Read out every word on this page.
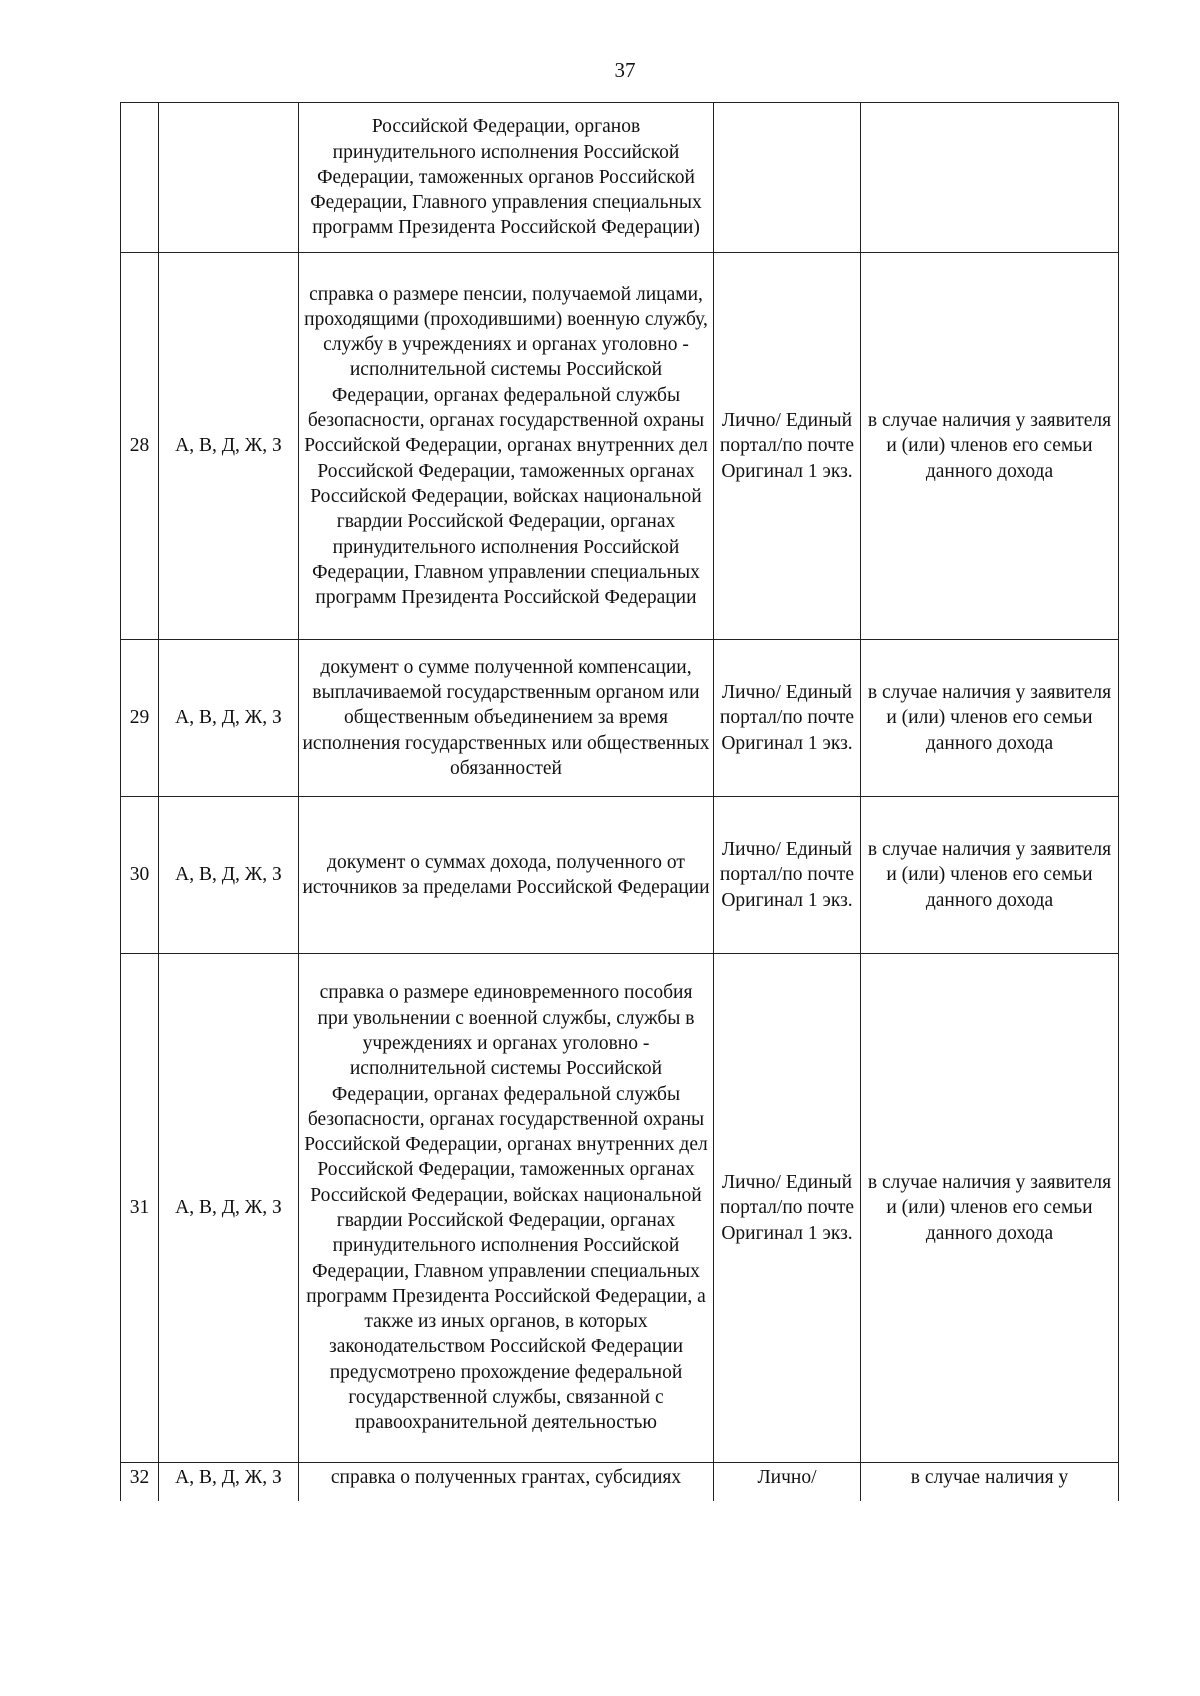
37
		Российской Федерации, органов принудительного исполнения Российской Федерации, таможенных органов Российской Федерации, Главного управления специальных программ Президента Российской Федерации)		
28	А, В, Д, Ж, З	справка о размере пенсии, получаемой лицами, проходящими (проходившими) военную службу, службу в учреждениях и органах уголовно - исполнительной системы Российской Федерации, органах федеральной службы безопасности, органах государственной охраны Российской Федерации, органах внутренних дел Российской Федерации, таможенных органах Российской Федерации, войсках национальной гвардии Российской Федерации, органах принудительного исполнения Российской Федерации, Главном управлении специальных программ Президента Российской Федерации	Лично/ Единый портал/по почте Оригинал 1 экз.	в случае наличия у заявителя и (или) членов его семьи данного дохода
29	А, В, Д, Ж, З	документ о сумме полученной компенсации, выплачиваемой государственным органом или общественным объединением за время исполнения государственных или общественных обязанностей	Лично/ Единый портал/по почте Оригинал 1 экз.	в случае наличия у заявителя и (или) членов его семьи данного дохода
30	А, В, Д, Ж, З	документ о суммах дохода, полученного от источников за пределами Российской Федерации	Лично/ Единый портал/по почте Оригинал 1 экз.	в случае наличия у заявителя и (или) членов его семьи данного дохода
31	А, В, Д, Ж, З	справка о размере единовременного пособия при увольнении с военной службы, службы в учреждениях и органах уголовно - исполнительной системы Российской Федерации, органах федеральной службы безопасности, органах государственной охраны Российской Федерации, органах внутренних дел Российской Федерации, таможенных органах Российской Федерации, войсках национальной гвардии Российской Федерации, органах принудительного исполнения Российской Федерации, Главном управлении специальных программ Президента Российской Федерации, а также из иных органов, в которых законодательством Российской Федерации предусмотрено прохождение федеральной государственной службы, связанной с правоохранительной деятельностью	Лично/ Единый портал/по почте Оригинал 1 экз.	в случае наличия у заявителя и (или) членов его семьи данного дохода
32	А, В, Д, Ж, З	справка о полученных грантах, субсидиях	Лично/	в случае наличия у
